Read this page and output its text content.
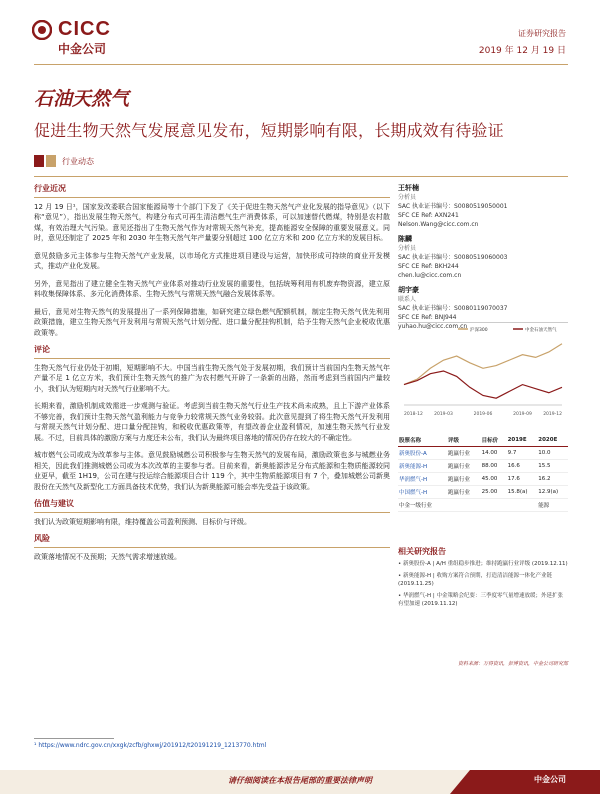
CICC
中金公司
证券研究报告
2019 年 12 月 19 日
石油天然气
促进生物天然气发展意见发布，短期影响有限，长期成效有待验证
行业动态
行业近况

12 月 19 日¹，国家发改委联合国家能源局等十个部门下发了《关于促进生物天然气产业化发展的指导意见》（以下称“意见”），指出发展生物天然气，构建分布式可再生清洁燃气生产消费体系，可以加速替代燃煤，特别是农村散煤，有效治理大气污染。意见还指出了生物天然气作为对常规天然气补充，提高能源安全保障的重要发展意义。同时，意见还制定了 2025 年和 2030 年生物天然气年产量要分别超过 100 亿立方米和 200 亿立方米的发展目标。

意见鼓励多元主体参与生物天然气产业发展，以市场化方式推进项目建设与运营，加快形成可持续的商业开发模式，推动产业化发展。

另外，意见指出了建立健全生物天然气产业体系对推动行业发展的重要性，包括统筹利用有机废弃物资源，建立原料收集保障体系、多元化消费体系、生物天然气与常规天然气融合发展体系等。

最后，意见对生物天然气的发展提出了一系列保障措施，如研究建立绿色燃气配额机制，制定生物天然气优先利用政策措施，建立生物天然气开发利用与常规天然气计划分配、进口量分配挂钩机制，给予生物天然气企业税收优惠政策等。

评论

生物天然气行业仍处于初期，短期影响不大。中国当前生物天然气处于发展初期，我们预计当前国内生物天然气年产量不足 1 亿立方米，我们预计生物天然气的推广为农村燃气开辟了一条新的出路，然而考虑到当前国内产量较小，我们认为短期内对天然气行业影响不大。

长期来看，激励机制成效需进一步观测与验证。考虑到当前生物天然气行业生产技术尚未成熟，且上下游产业体系不够完善，我们预计生物天然气盈利能力与竞争力较常规天然气业务较弱。此次意见提到了将生物天然气开发利用与常规天然气计划分配、进口量分配挂钩，和税收优惠政策等，有望改善企业盈利情况，加速生物天然气行业发展。不过，目前具体的激励方案与力度还未公布，我们认为最终项目落地的情况仍存在较大的不确定性。

城市燃气公司或成为改革参与主体。意见鼓励城燃公司积极参与生物天然气的发展布局，激励政策也多与城燃业务相关，因此我们推测城燃公司或为本次改革的主要参与者。目前来看，新奥能源涉足分布式能源和生物质能源较同业更早，截至 1H19，公司在建与投运综合能源项目合计 119 个，其中生物质能源项目有 7 个，叠加城燃公司新奥股份在天然气及新型化工方面具备技术优势，我们认为新奥能源可能会率先受益于该政策。

估值与建议

我们认为政策短期影响有限，维持覆盖公司盈利预测、目标价与评级。

风险

政策落地情况不及预期；天然气需求增速放缓。

王轩楠
分析员
SAC 执业证书编号：S0080519050001
SFC CE Ref: AXN241
Nelson.Wang@cicc.com.cn
陈麟
分析员
SAC 执业证书编号：S0080519060003
SFC CE Ref: BKH244
chen.lu@cicc.com.cn
胡宇豪
联系人
SAC 执业证书编号：S0080119070037
SFC CE Ref: BNJ944
yuhao.hu@cicc.com.cn
沪深300	中金石油天然气
2018-12	2019-03	2019-06	2019-09	2019-12
股票名称	评级	目标价	2019E	2020E
新奥股份-A	跑赢行业	14.00	9.7	10.0
新奥能源-H	跑赢行业	88.00	16.6	15.5
华润燃气-H	跑赢行业	45.00	17.6	16.2
中国燃气-H	跑赢行业	25.00	15.8(a)	12.9(a)
中金一级行业				能源
相关研究报告
• 新奥股份-A | A/H 重组稳步推进；维持跑赢行业评级 (2019.12.11)
• 新奥能源-H | 收购方案符合预期，打造清洁能源一体化产业链 (2019.11.25)
• 华润燃气-H | 中金策略会纪要：三季度零气量增速放缓；外延扩张有望加速 (2019.11.12)
资料来源：万得资讯，彭博资讯，中金公司研究部
¹ https://www.ndrc.gov.cn/xxgk/zcfb/ghxwj/201912/t20191219_1213770.html
请仔细阅读在本报告尾部的重要法律声明	中金公司
